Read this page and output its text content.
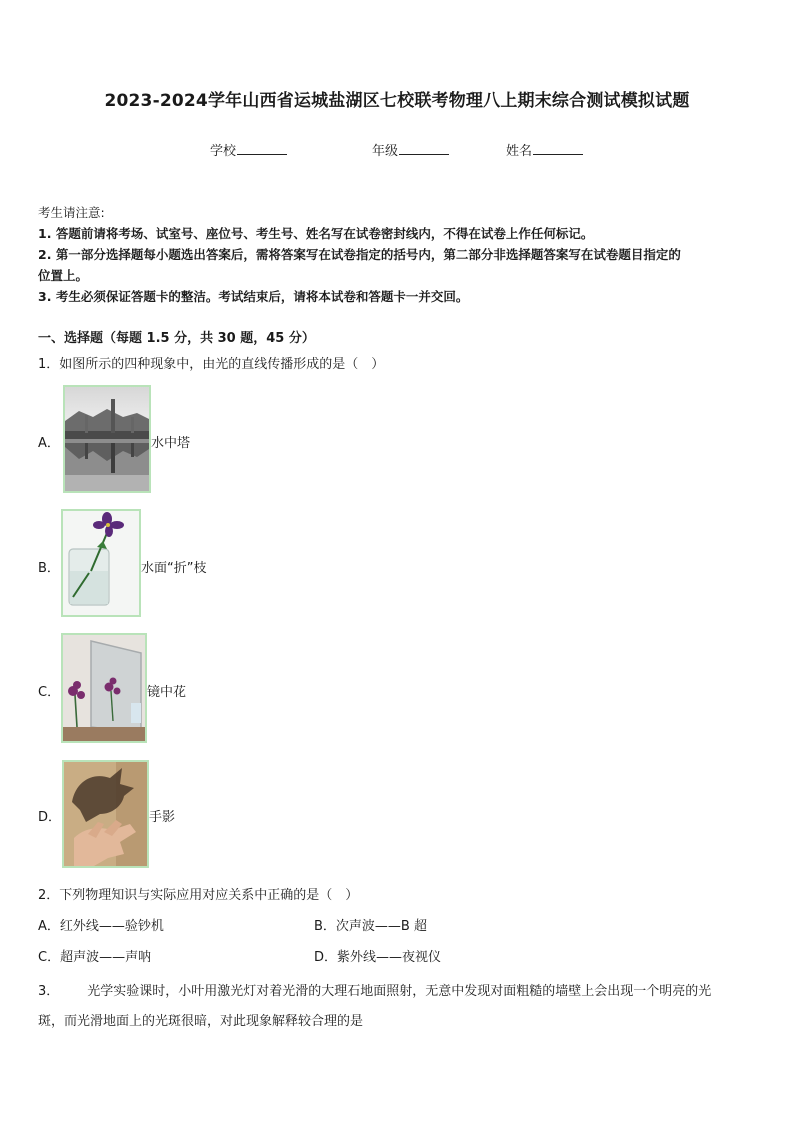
2023-2024学年山西省运城盐湖区七校联考物理八上期末综合测试模拟试题
学校	年级	姓名
考生请注意:
1. 答题前请将考场、试室号、座位号、考生号、姓名写在试卷密封线内，不得在试卷上作任何标记。
2. 第一部分选择题每小题选出答案后，需将答案写在试卷指定的括号内，第二部分非选择题答案写在试卷题目指定的
位置上。
3. 考生必须保证答题卡的整洁。考试结束后，请将本试卷和答题卡一并交回。
一、选择题（每题 1.5 分，共 30 题，45 分）
1．如图所示的四种现象中，由光的直线传播形成的是（　）
A．	水中塔
B．	水面“折”枝
C．	镜中花
D．	手影
2．下列物理知识与实际应用对应关系中正确的是（　）
A．红外线——验钞机	B．次声波——B 超
C．超声波——声呐	D．紫外线——夜视仪
3． 光学实验课时，小叶用激光灯对着光滑的大理石地面照射，无意中发现对面粗糙的墙壁上会出现一个明亮的光
斑，而光滑地面上的光斑很暗，对此现象解释较合理的是
